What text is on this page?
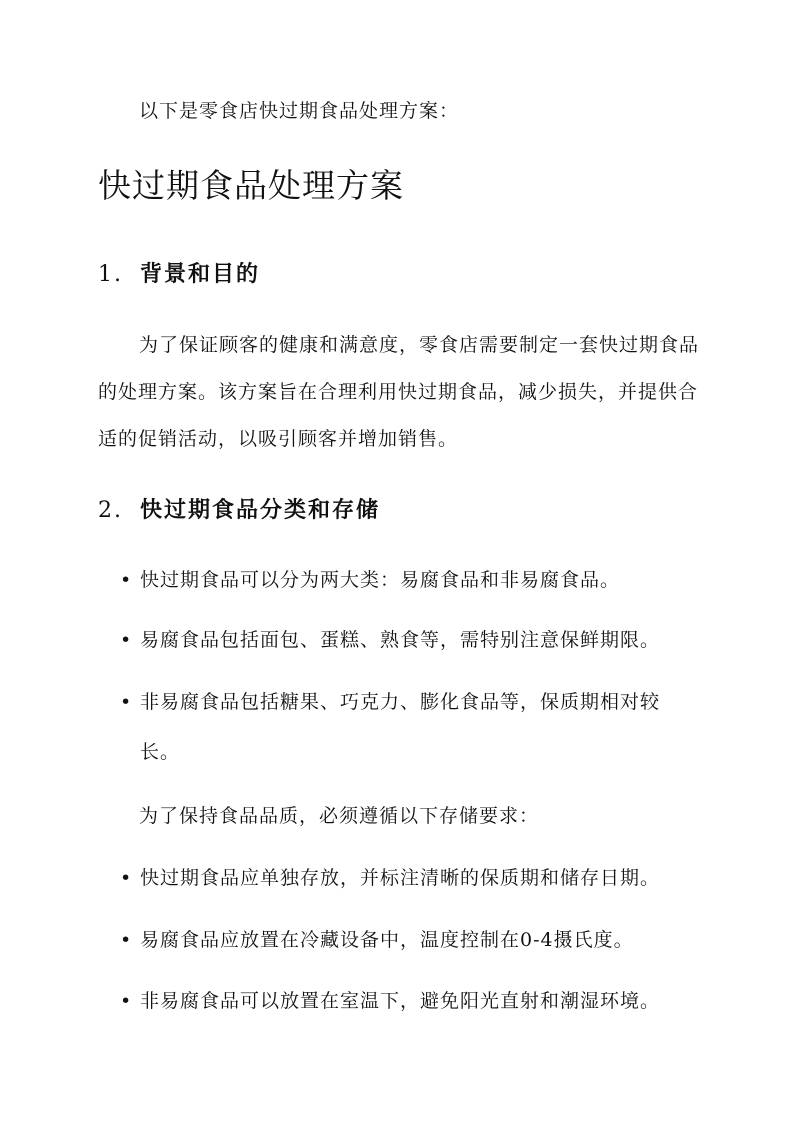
以下是零食店快过期食品处理方案：
快过期食品处理方案
1. 背景和目的

为了保证顾客的健康和满意度，零食店需要制定一套快过期食品的处理方案。该方案旨在合理利用快过期食品，减少损失，并提供合适的促销活动，以吸引顾客并增加销售。

2. 快过期食品分类和存储
• 快过期食品可以分为两大类：易腐食品和非易腐食品。
• 易腐食品包括面包、蛋糕、熟食等，需特别注意保鲜期限。
• 非易腐食品包括糖果、巧克力、膨化食品等，保质期相对较长。
为了保持食品品质，必须遵循以下存储要求：
• 快过期食品应单独存放，并标注清晰的保质期和储存日期。
• 易腐食品应放置在冷藏设备中，温度控制在0-4摄氏度。
• 非易腐食品可以放置在室温下，避免阳光直射和潮湿环境。
